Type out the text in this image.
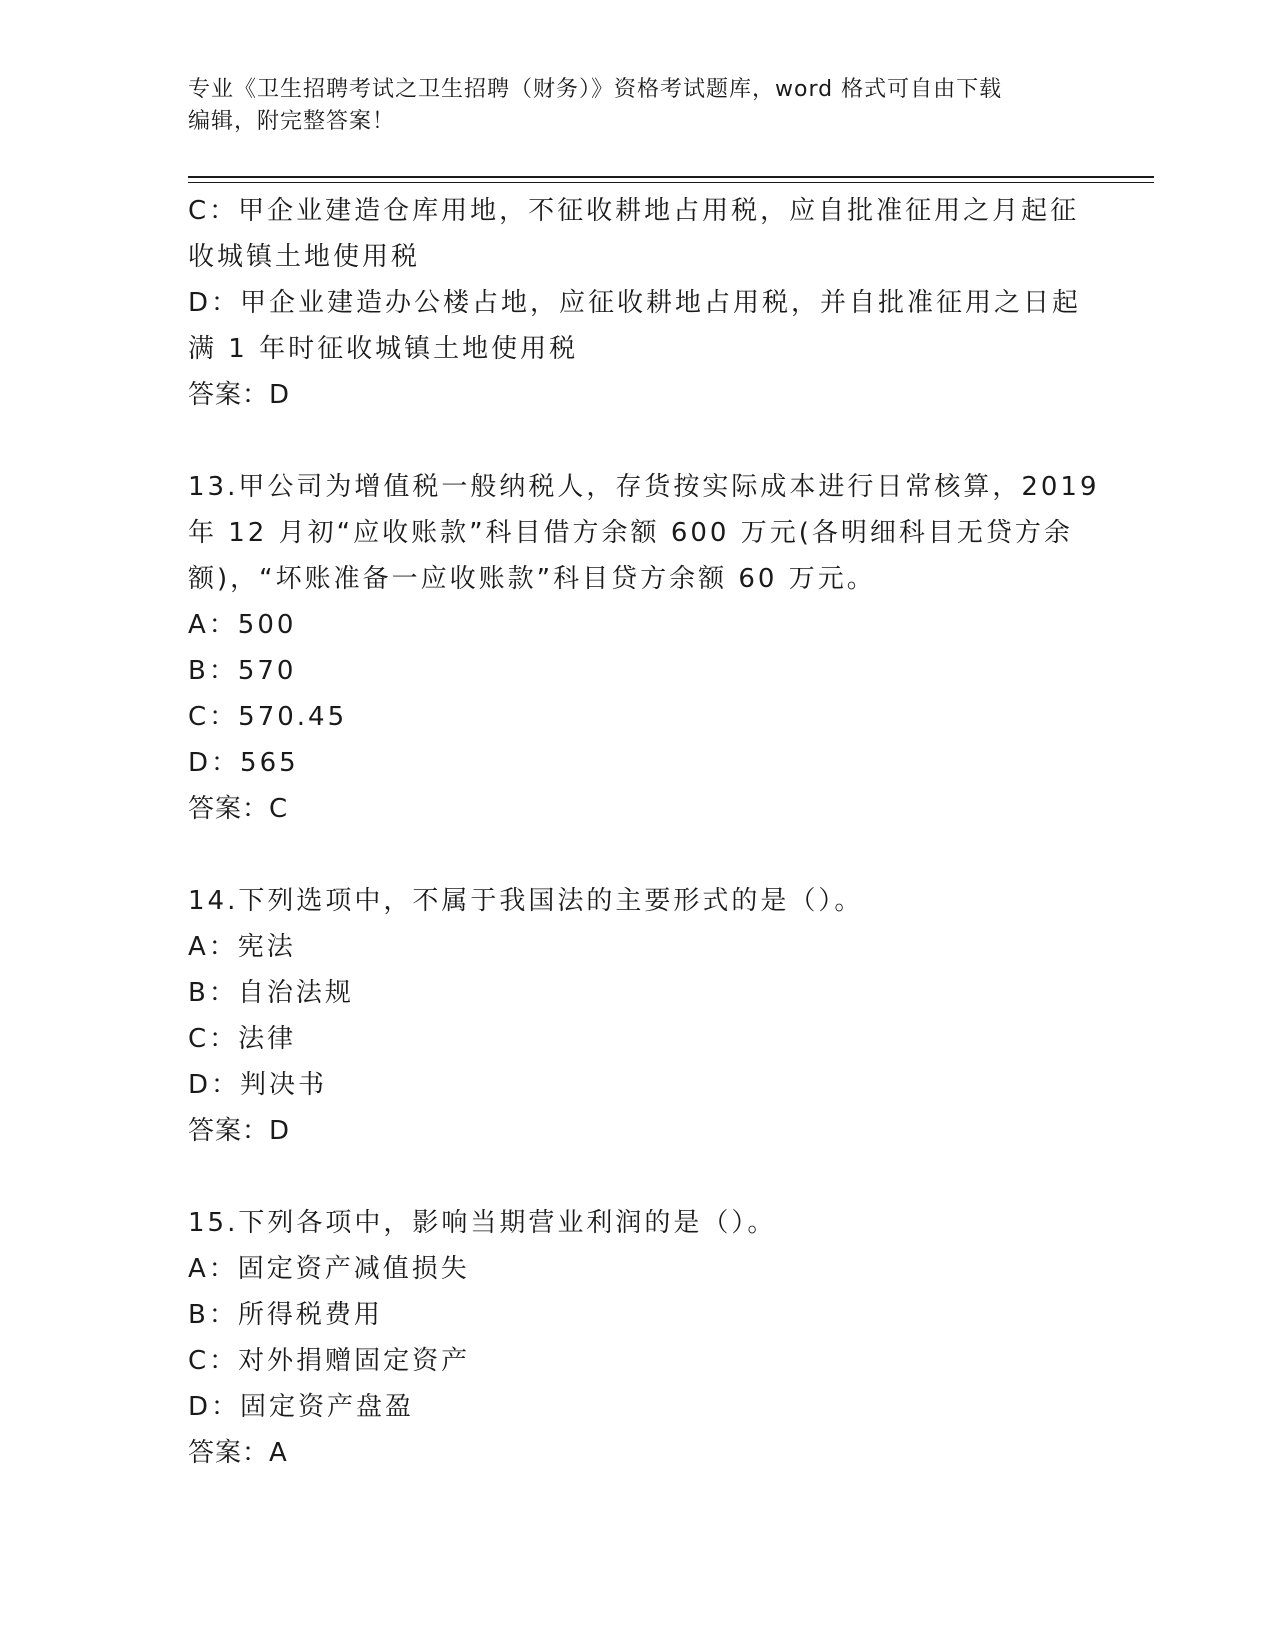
专业《卫生招聘考试之卫生招聘（财务）》资格考试题库，word 格式可自由下载
编辑，附完整答案！
C：甲企业建造仓库用地，不征收耕地占用税，应自批准征用之月起征
收城镇土地使用税
D：甲企业建造办公楼占地，应征收耕地占用税，并自批准征用之日起
满 1 年时征收城镇土地使用税
答案：D
13.甲公司为增值税一般纳税人，存货按实际成本进行日常核算，2019
年 12 月初“应收账款”科目借方余额 600 万元(各明细科目无贷方余
额)，“坏账准备一应收账款”科目贷方余额 60 万元。
A：500
B：570
C：570.45
D：565
答案：C
14.下列选项中，不属于我国法的主要形式的是（）。
A：宪法
B：自治法规
C：法律
D：判决书
答案：D
15.下列各项中，影响当期营业利润的是（）。
A：固定资产减值损失
B：所得税费用
C：对外捐赠固定资产
D：固定资产盘盈
答案：A
